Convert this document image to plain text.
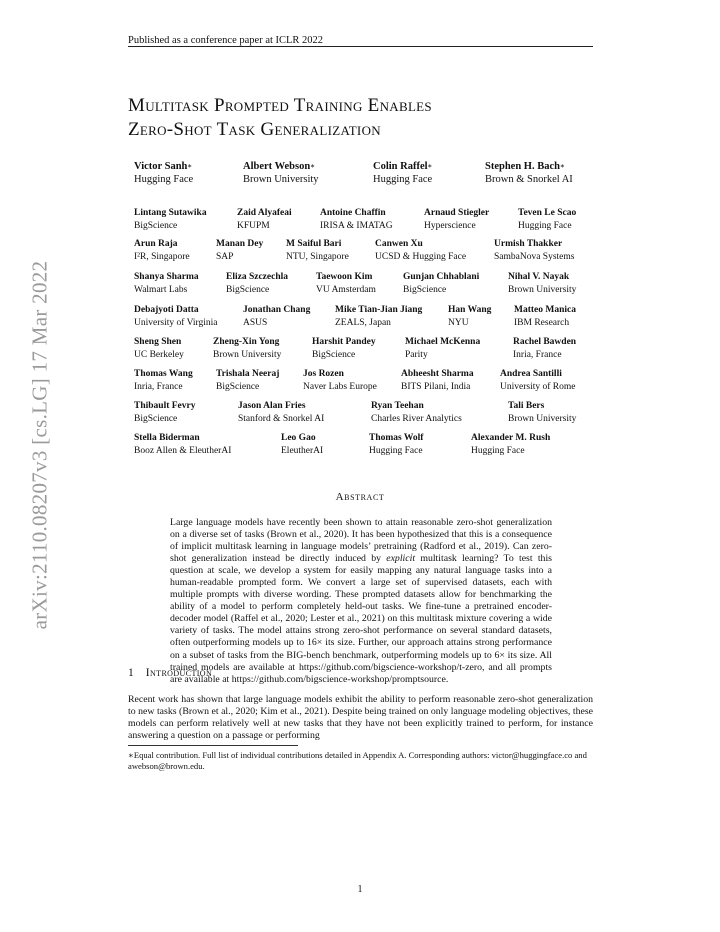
Published as a conference paper at ICLR 2022
arXiv:2110.08207v3 [cs.LG] 17 Mar 2022
Multitask Prompted Training Enables
Zero-Shot Task Generalization
Victor Sanh∗
Hugging Face
Albert Webson∗
Brown University
Colin Raffel∗
Hugging Face
Stephen H. Bach∗
Brown & Snorkel AI
Lintang Sutawika
BigScience
Zaid Alyafeai
KFUPM
Antoine Chaffin
IRISA & IMATAG
Arnaud Stiegler
Hyperscience
Teven Le Scao
Hugging Face
Arun Raja
I²R, Singapore
Manan Dey
SAP
M Saiful Bari
NTU, Singapore
Canwen Xu
UCSD & Hugging Face
Urmish Thakker
SambaNova Systems
Shanya Sharma
Walmart Labs
Eliza Szczechla
BigScience
Taewoon Kim
VU Amsterdam
Gunjan Chhablani
BigScience
Nihal V. Nayak
Brown University
Debajyoti Datta
University of Virginia
Jonathan Chang
ASUS
Mike Tian-Jian Jiang
ZEALS, Japan
Han Wang
NYU
Matteo Manica
IBM Research
Sheng Shen
UC Berkeley
Zheng-Xin Yong
Brown University
Harshit Pandey
BigScience
Michael McKenna
Parity
Rachel Bawden
Inria, France
Thomas Wang
Inria, France
Trishala Neeraj
BigScience
Jos Rozen
Naver Labs Europe
Abheesht Sharma
BITS Pilani, India
Andrea Santilli
University of Rome
Thibault Fevry
BigScience
Jason Alan Fries
Stanford & Snorkel AI
Ryan Teehan
Charles River Analytics
Tali Bers
Brown University
Stella Biderman
Booz Allen & EleutherAI
Leo Gao
EleutherAI
Thomas Wolf
Hugging Face
Alexander M. Rush
Hugging Face
Abstract
Large language models have recently been shown to attain reasonable zero-shot generalization on a diverse set of tasks (Brown et al., 2020). It has been hypothesized that this is a consequence of implicit multitask learning in language models’ pretraining (Radford et al., 2019). Can zero-shot generalization instead be directly induced by explicit multitask learning? To test this question at scale, we develop a system for easily mapping any natural language tasks into a human-readable prompted form. We convert a large set of supervised datasets, each with multiple prompts with diverse wording. These prompted datasets allow for benchmarking the ability of a model to perform completely held-out tasks. We fine-tune a pretrained encoder-decoder model (Raffel et al., 2020; Lester et al., 2021) on this multitask mixture covering a wide variety of tasks. The model attains strong zero-shot performance on several standard datasets, often outperforming models up to 16× its size. Further, our approach attains strong performance on a subset of tasks from the BIG-bench benchmark, outperforming models up to 6× its size. All trained models are available at https://github.com/bigscience-workshop/t-zero, and all prompts are available at https://github.com/bigscience-workshop/promptsource.
1 Introduction
Recent work has shown that large language models exhibit the ability to perform reasonable zero-shot generalization to new tasks (Brown et al., 2020; Kim et al., 2021). Despite being trained on only language modeling objectives, these models can perform relatively well at new tasks that they have not been explicitly trained to perform, for instance answering a question on a passage or performing
∗Equal contribution. Full list of individual contributions detailed in Appendix A. Corresponding authors: victor@huggingface.co and awebson@brown.edu.
1
